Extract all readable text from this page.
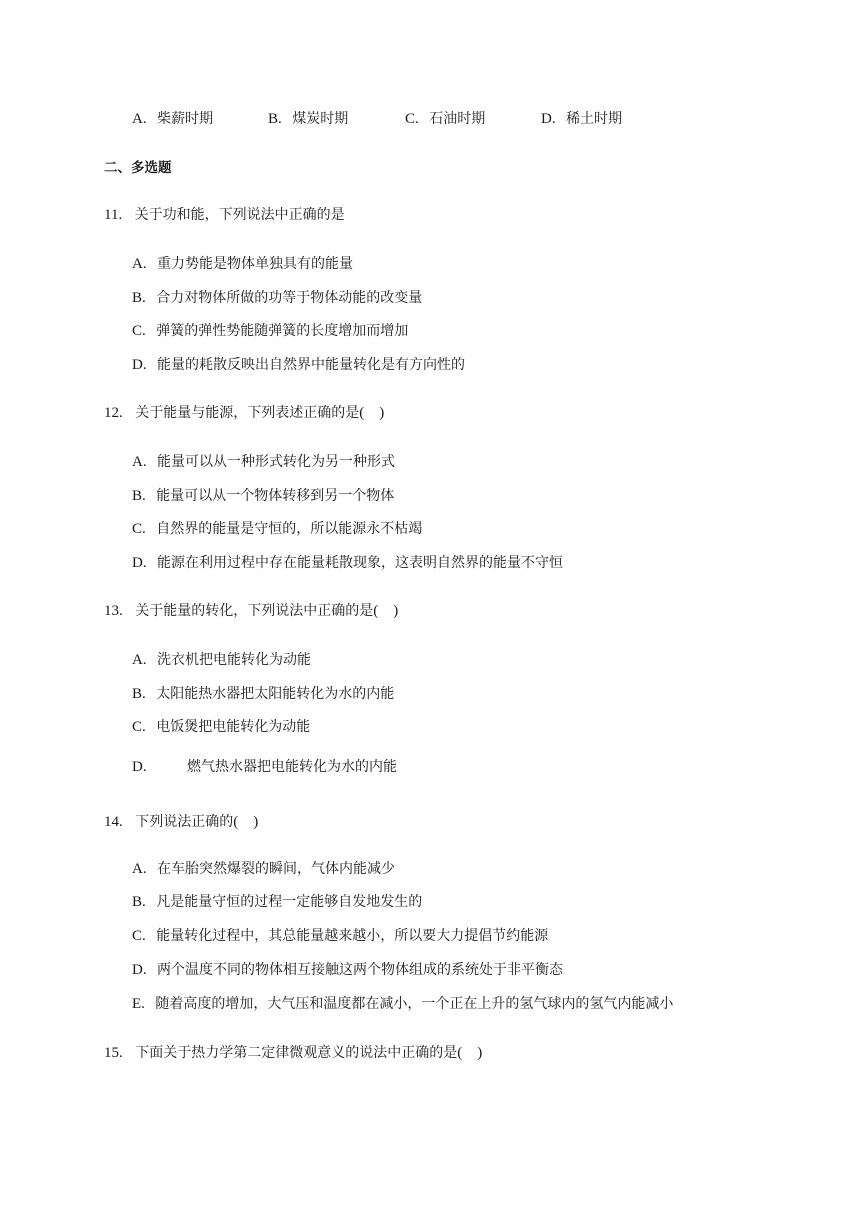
A. 柴薪时期	B. 煤炭时期	C. 石油时期	D. 稀土时期
二、多选题
11. 关于功和能，下列说法中正确的是
A. 重力势能是物体单独具有的能量
B. 合力对物体所做的功等于物体动能的改变量
C. 弹簧的弹性势能随弹簧的长度增加而增加
D. 能量的耗散反映出自然界中能量转化是有方向性的
12. 关于能量与能源，下列表述正确的是(    )
A. 能量可以从一种形式转化为另一种形式
B. 能量可以从一个物体转移到另一个物体
C. 自然界的能量是守恒的，所以能源永不枯竭
D. 能源在利用过程中存在能量耗散现象，这表明自然界的能量不守恒
13. 关于能量的转化，下列说法中正确的是(    )
A. 洗衣机把电能转化为动能
B. 太阳能热水器把太阳能转化为水的内能
C. 电饭煲把电能转化为动能
D.	燃气热水器把电能转化为水的内能
14. 下列说法正确的(    )
A. 在车胎突然爆裂的瞬间，气体内能减少
B. 凡是能量守恒的过程一定能够自发地发生的
C. 能量转化过程中，其总能量越来越小，所以要大力提倡节约能源
D. 两个温度不同的物体相互接触这两个物体组成的系统处于非平衡态
E. 随着高度的增加，大气压和温度都在减小，一个正在上升的氢气球内的氢气内能减小
15. 下面关于热力学第二定律微观意义的说法中正确的是(    )
